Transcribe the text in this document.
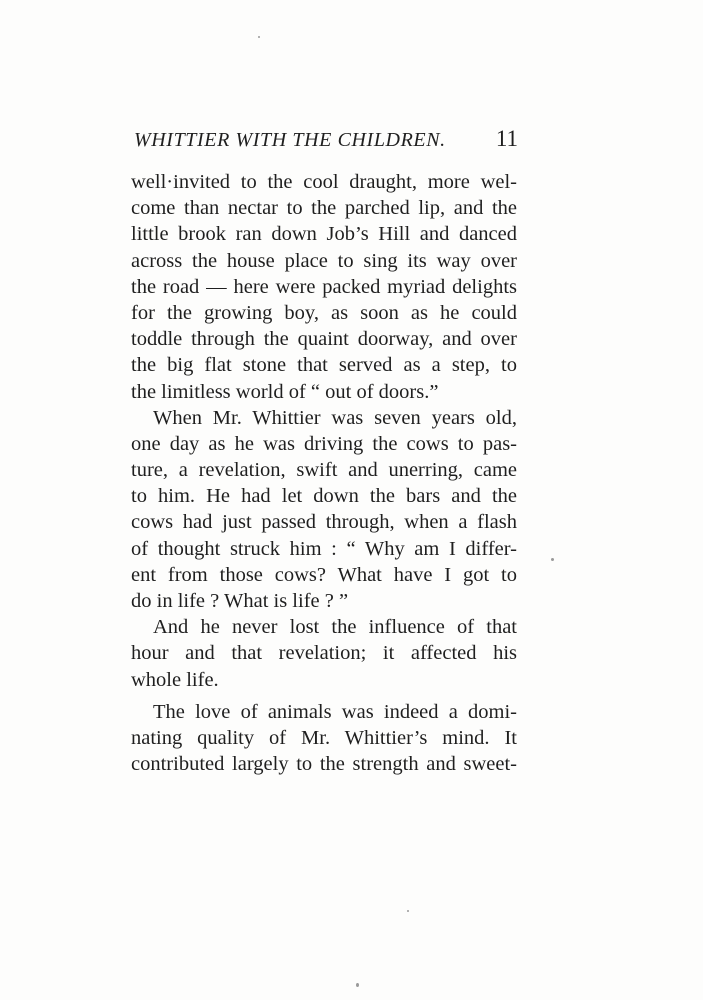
WHITTIER WITH THE CHILDREN. 11
well·invited to the cool draught, more wel-
come than nectar to the parched lip, and the
little brook ran down Job’s Hill and danced
across the house place to sing its way over
the road — here were packed myriad delights
for the growing boy, as soon as he could
toddle through the quaint doorway, and over
the big flat stone that served as a step, to
the limitless world of “ out of doors.”
When Mr. Whittier was seven years old,
one day as he was driving the cows to pas-
ture, a revelation, swift and unerring, came
to him. He had let down the bars and the
cows had just passed through, when a flash
of thought struck him : “ Why am I differ-
ent from those cows? What have I got to
do in life ? What is life ? ”
And he never lost the influence of that
hour and that revelation; it affected his
whole life.
The love of animals was indeed a domi-
nating quality of Mr. Whittier’s mind. It
contributed largely to the strength and sweet-
